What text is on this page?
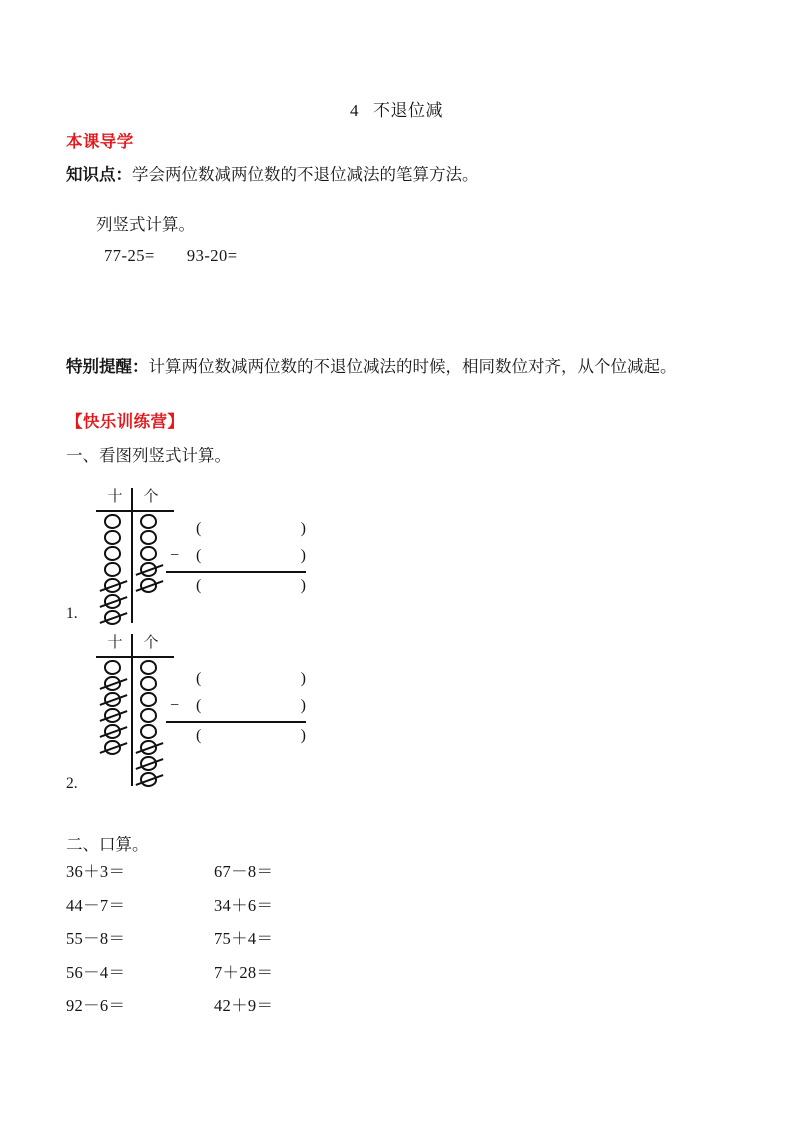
4 不退位减
本课导学
知识点：学会两位数减两位数的不退位减法的笔算方法。
列竖式计算。
77-25= 93-20=
特别提醒：计算两位数减两位数的不退位减法的时候，相同数位对齐，从个位减起。
【快乐训练营】
一、看图列竖式计算。
十	个
(	)
− (	)
(	)
1.
十	个
(	)
− (	)
(	)
2.
二、口算。
36＋3＝	67－8＝
44－7＝	34＋6＝
55－8＝	75＋4＝
56－4＝	7＋28＝
92－6＝	42＋9＝
